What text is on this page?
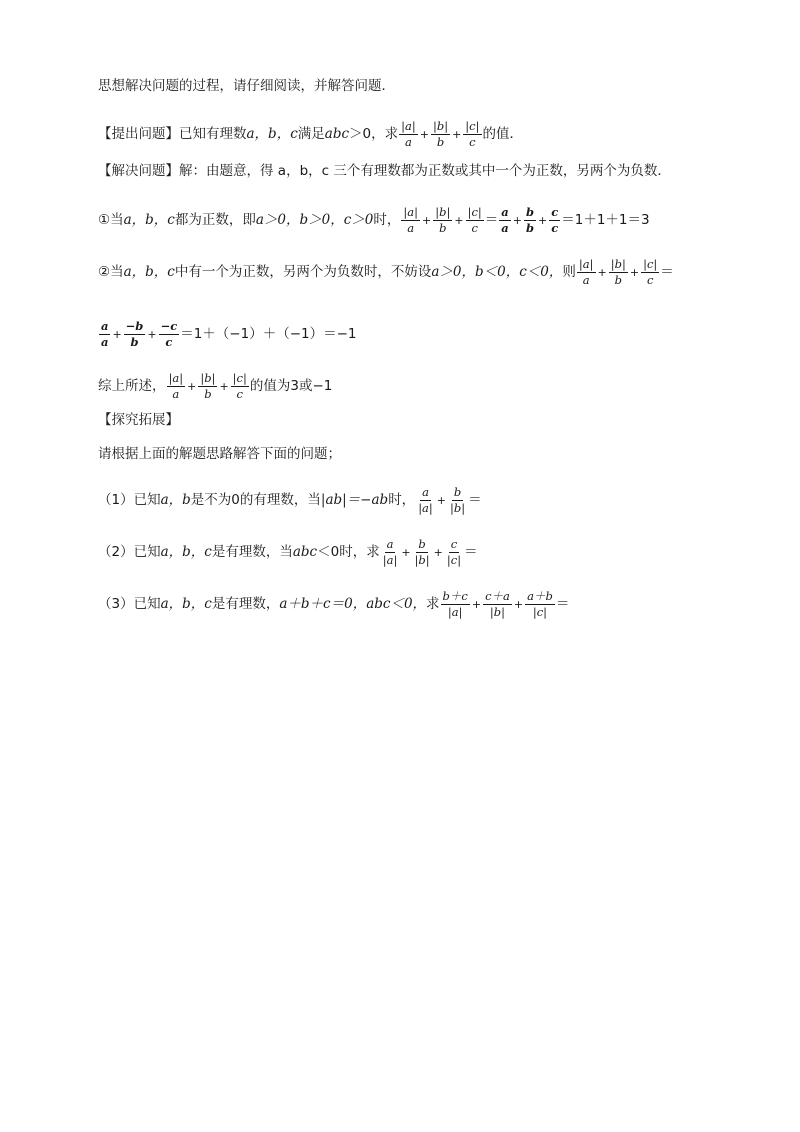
思想解决问题的过程，请仔细阅读，并解答问题．
【提出问题】 已知有理数 a，b，c 满足 abc ＞0，求 $\frac{|a|}{a} + \frac{|b|}{b} + \frac{|c|}{c}$ 的值．
【解决问题】 解：由题意，得 a，b，c 三个有理数都为正数或其中一个为正数，另两个为负数．
①当 a，b，c 都为正数，即 a＞0，b＞0，c＞0 时， $\frac{|a|}{a} + \frac{|b|}{b} + \frac{|c|}{c} = \frac{a}{a} + \frac{b}{b} + \frac{c}{c} =1+1+1=3$
②当 a，b，c 中有一个为正数，另两个为负数时，不妨设 a＞0，b＜0，c＜0， 则 $\frac{|a|}{a} + \frac{|b|}{b} + \frac{|c|}{c}$ ＝
$\frac{a}{a} + \frac{-b}{b} + \frac{-c}{c} =1+(-1)+(-1)=-1$
综上所述， $\frac{|a|}{a} + \frac{|b|}{b} + \frac{|c|}{c}$ 的值为3或−1
【探究拓展】
请根据上面的解题思路解答下面的问题；
（1）已知 a，b 是不为0的有理数，当 |ab|＝−ab 时， $\frac{a}{|a|} + \frac{b}{|b|}$ ＝
（2）已知 a，b，c 是有理数，当 abc ＜0时，求 $\frac{a}{|a|} + \frac{b}{|b|} + \frac{c}{|c|}$ ＝
（3）已知 a，b，c 是有理数， a＋b＋c＝0，abc＜0， 求 $\frac{b+c}{|a|} + \frac{c+a}{|b|} + \frac{a+b}{|c|}$ ＝
